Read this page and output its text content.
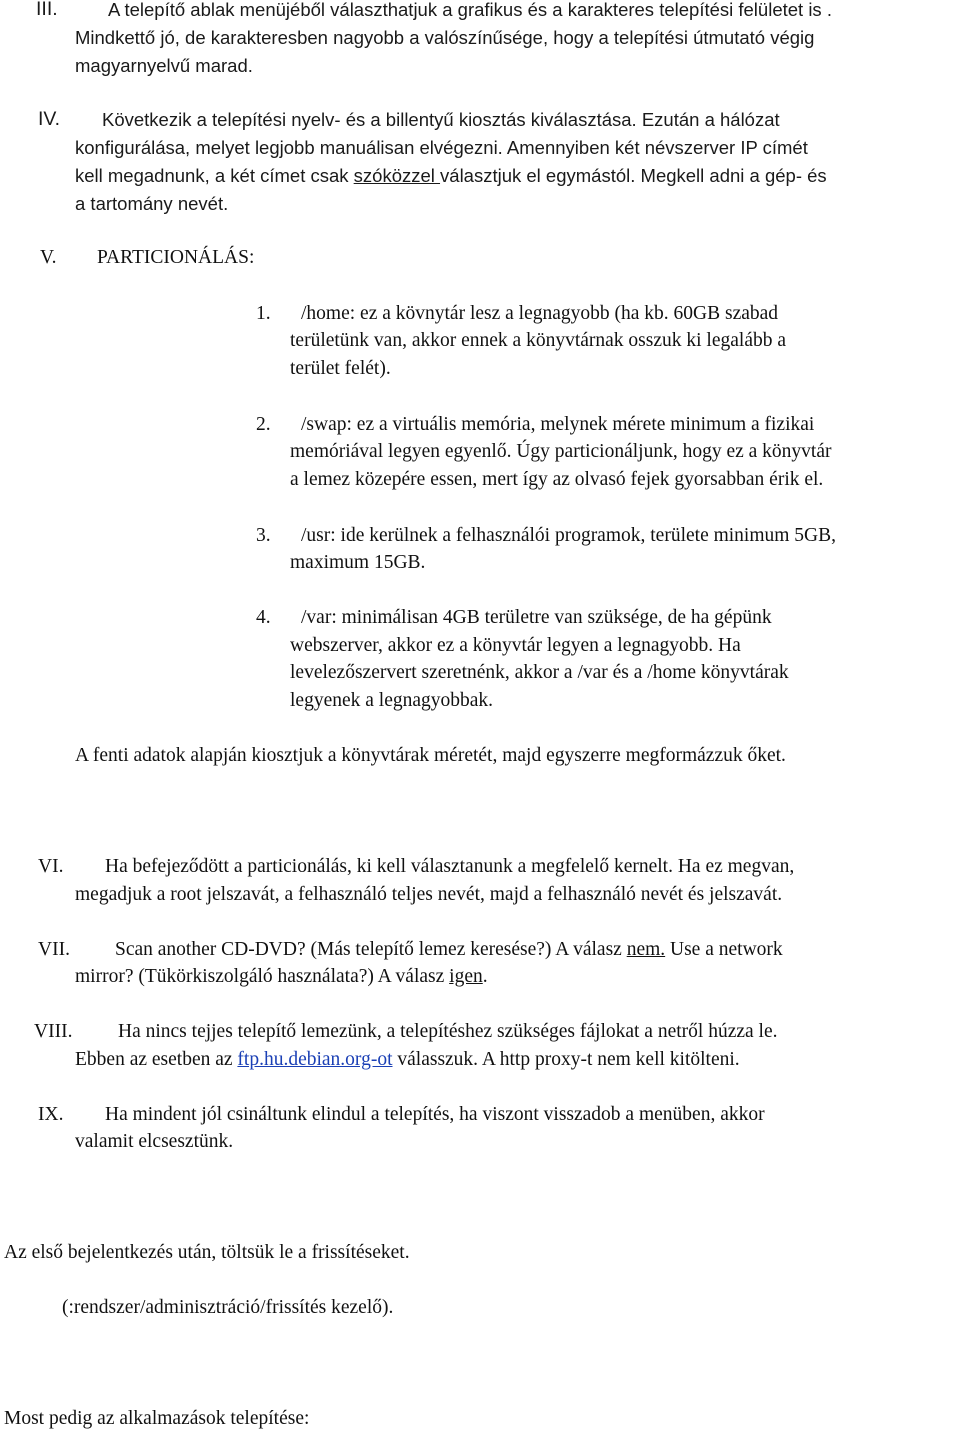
III.	A telepítő ablak menüjéből választhatjuk a grafikus és a karakteres telepítési felületet is .
Mindkettő jó, de karakteresben nagyobb a valószínűsége, hogy a telepítési útmutató végig
magyarnyelvű marad.
IV. Következik a telepítési nyelv- és a billentyű kiosztás kiválasztása. Ezután a hálózat
konfigurálása, melyet legjobb manuálisan elvégezni. Amennyiben két névszerver IP címét
kell megadnunk, a két címet csak szóközzel választjuk el egymástól. Megkell adni a gép- és
a tartomány nevét.
V. PARTICIONÁLÁS:
1. /home: ez a kövnytár lesz a legnagyobb (ha kb. 60GB szabad
területünk van, akkor ennek a könyvtárnak osszuk ki legalább a
terület felét).
2. /swap: ez a virtuális memória, melynek mérete minimum a fizikai
memóriával legyen egyenlő. Úgy particionáljunk, hogy ez a könyvtár
a lemez közepére essen, mert így az olvasó fejek gyorsabban érik el.
3. /usr: ide kerülnek a felhasználói programok, területe minimum 5GB,
maximum 15GB.
4. /var: minimálisan 4GB területre van szüksége, de ha gépünk
webszerver, akkor ez a könyvtár legyen a legnagyobb. Ha
levelezőszervert szeretnénk, akkor a /var és a /home könyvtárak
legyenek a legnagyobbak.
A fenti adatok alapján kiosztjuk a könyvtárak méretét, majd egyszerre megformázzuk őket.
VI. Ha befejeződött a particionálás, ki kell választanunk a megfelelő kernelt. Ha ez megvan,
megadjuk a root jelszavát, a felhasználó teljes nevét, majd a felhasználó nevét és jelszavát.
VII. Scan another CD-DVD? (Más telepítő lemez keresése?) A válasz nem. Use a network
mirror? (Tükörkiszolgáló használata?) A válasz igen.
VIII. Ha nincs tejjes telepítő lemezünk, a telepítéshez szükséges fájlokat a netről húzza le.
Ebben az esetben az ftp.hu.debian.org-ot válasszuk. A http proxy-t nem kell kitölteni.
IX. Ha mindent jól csináltunk elindul a telepítés, ha viszont visszadob a menüben, akkor
valamit elcsesztünk.
Az első bejelentkezés után, töltsük le a frissítéseket.
(:rendszer/adminisztráció/frissítés kezelő).
Most pedig az alkalmazások telepítése:
